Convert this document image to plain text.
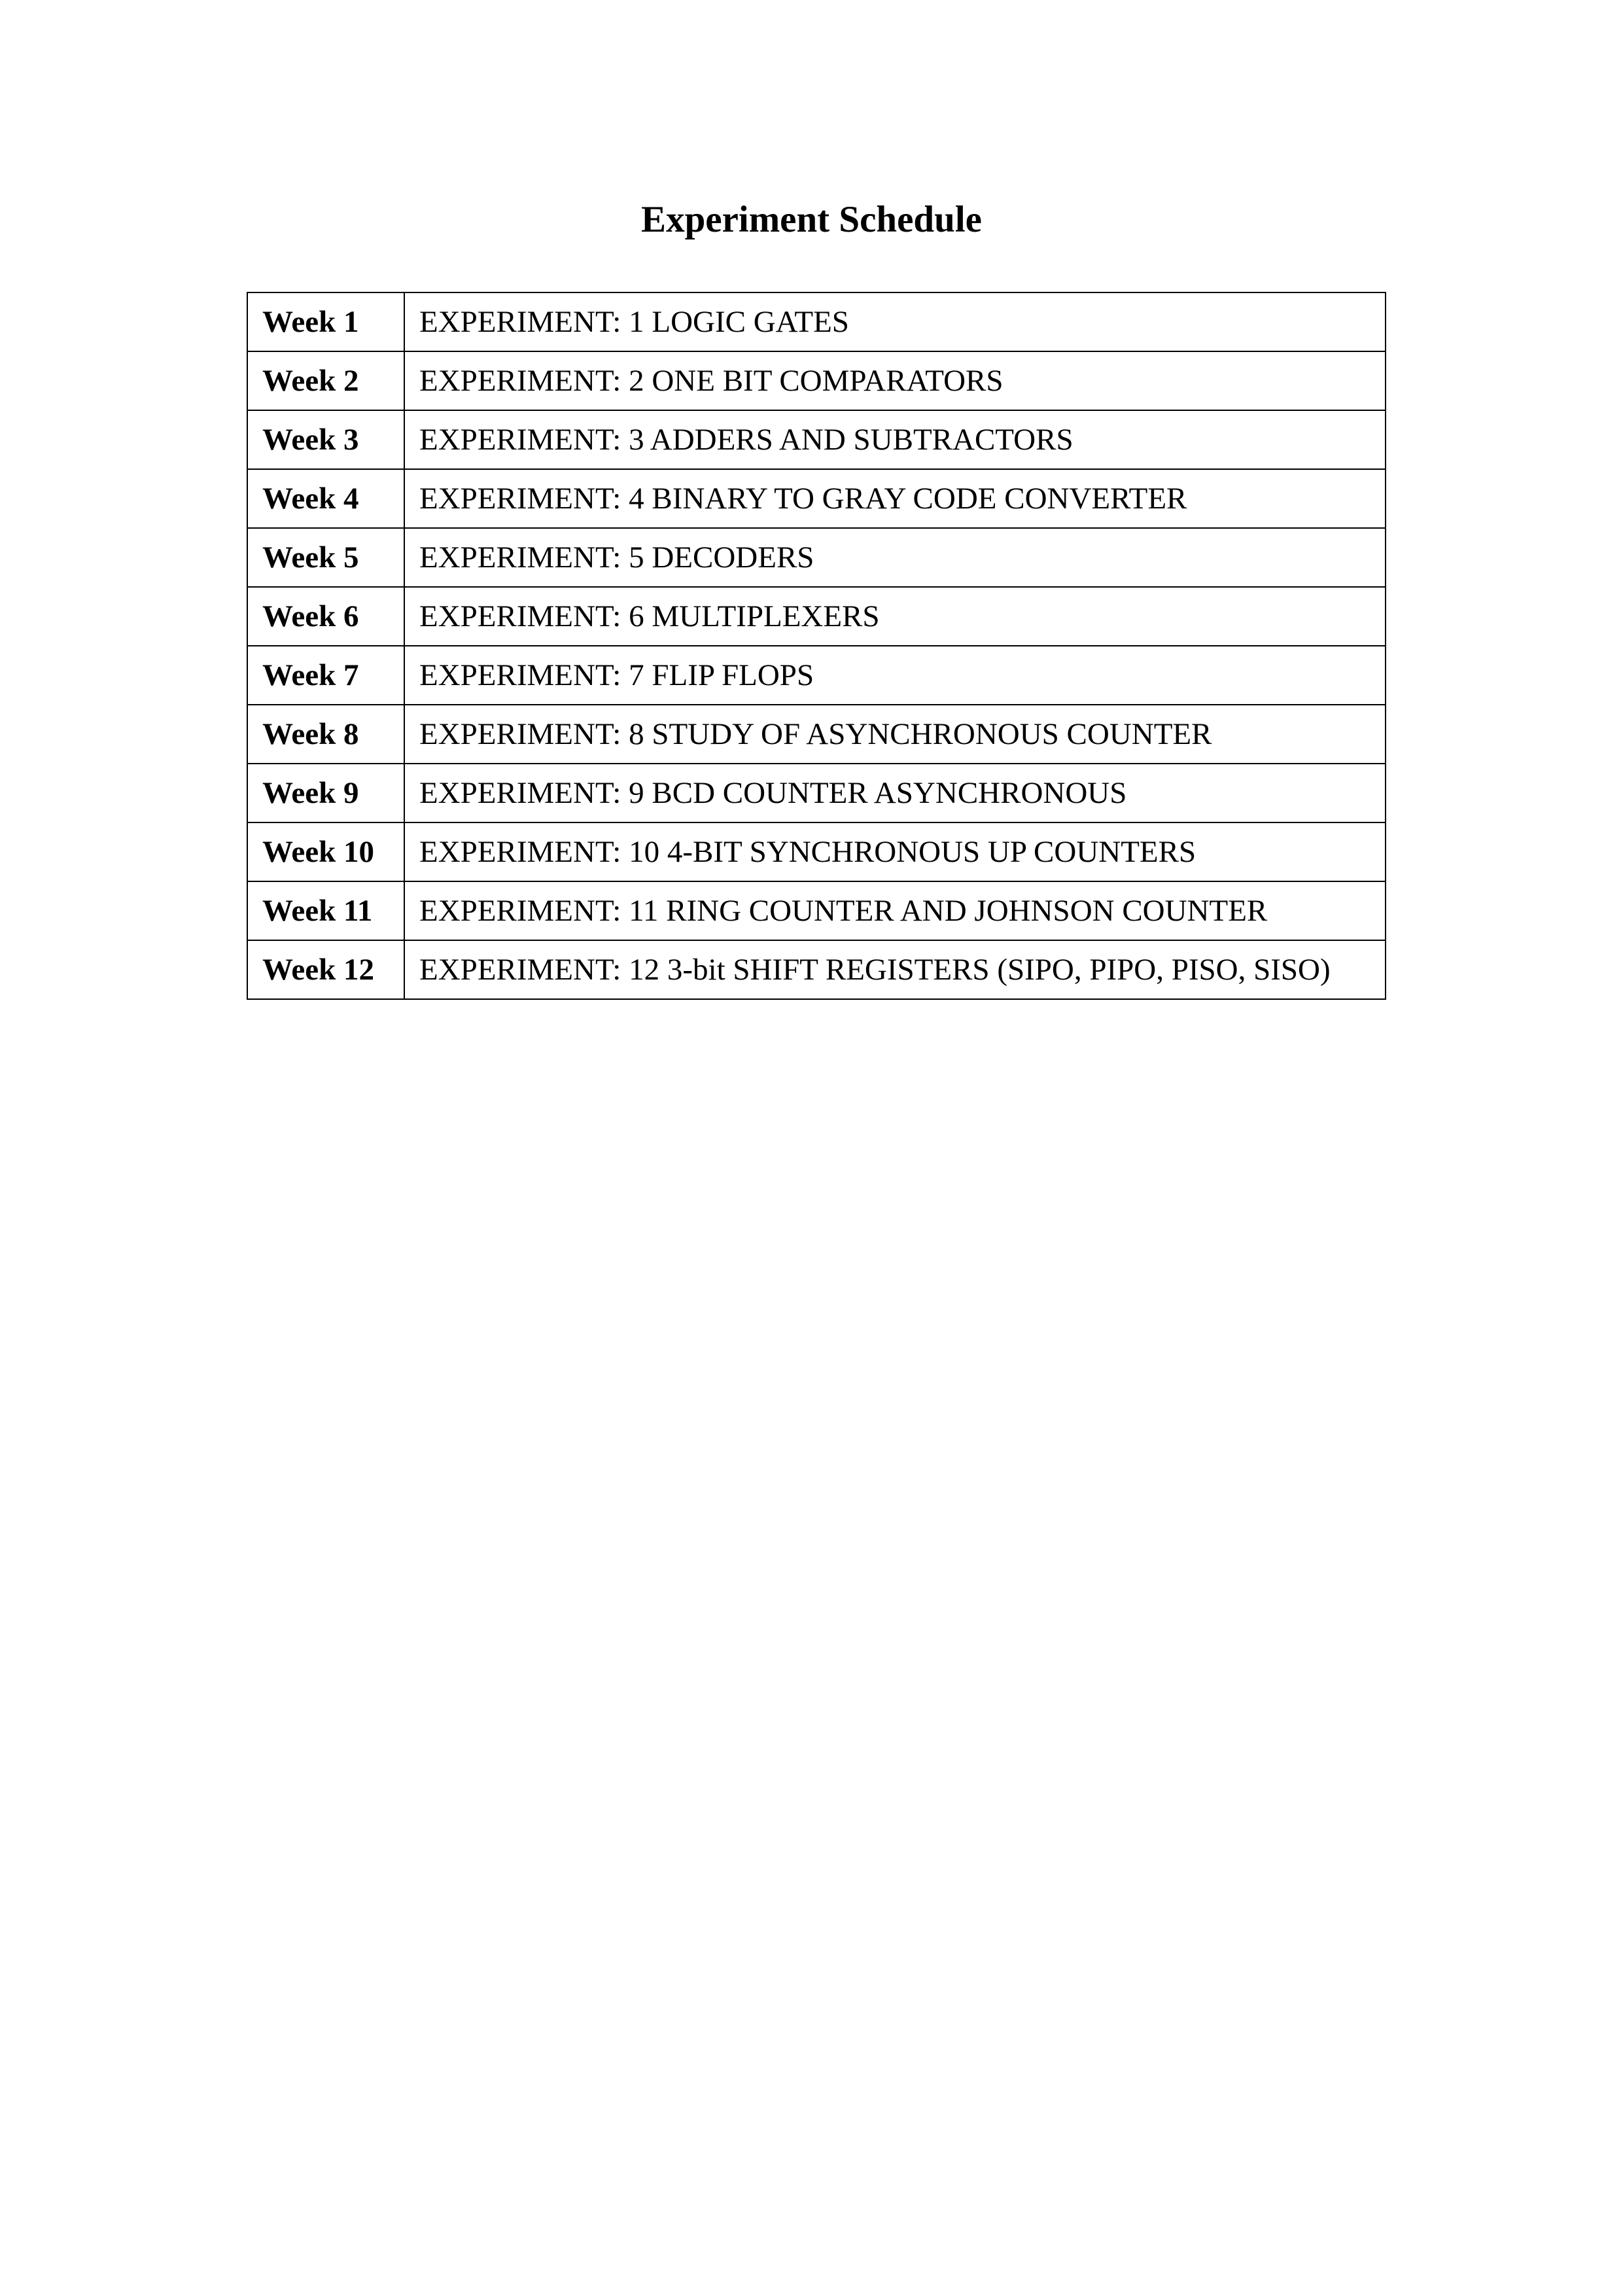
Experiment Schedule
Week 1	EXPERIMENT: 1 LOGIC GATES
Week 2	EXPERIMENT: 2 ONE BIT COMPARATORS
Week 3	EXPERIMENT: 3 ADDERS AND SUBTRACTORS
Week 4	EXPERIMENT: 4 BINARY TO GRAY CODE CONVERTER
Week 5	EXPERIMENT: 5 DECODERS
Week 6	EXPERIMENT: 6 MULTIPLEXERS
Week 7	EXPERIMENT: 7 FLIP FLOPS
Week 8	EXPERIMENT: 8 STUDY OF ASYNCHRONOUS COUNTER
Week 9	EXPERIMENT: 9 BCD COUNTER ASYNCHRONOUS
Week 10	EXPERIMENT: 10 4-BIT SYNCHRONOUS UP COUNTERS
Week 11	EXPERIMENT: 11 RING COUNTER AND JOHNSON COUNTER
Week 12	EXPERIMENT: 12 3-bit SHIFT REGISTERS (SIPO, PIPO, PISO, SISO)
